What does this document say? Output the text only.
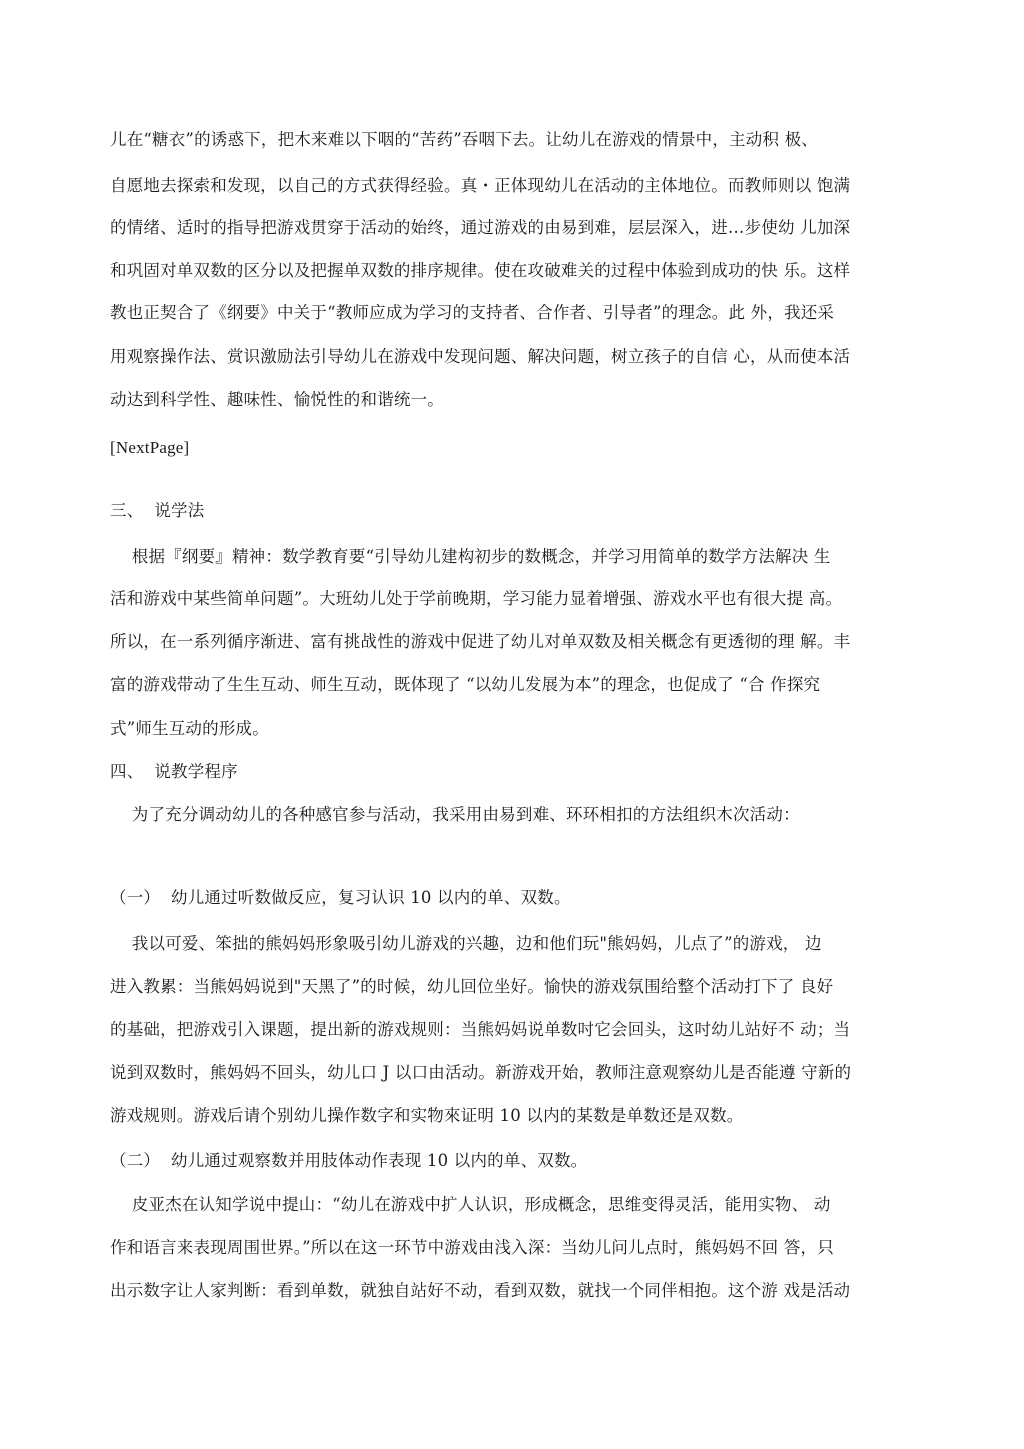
儿在“糖衣”的诱惑下，把木来难以下咽的“苦药”吞咽下去。让幼儿在游戏的情景中，主动积 极、
自愿地去探索和发现，以自己的方式获得经验。真・正体现幼儿在活动的主体地位。而教师则以 饱满
的情绪、适时的指导把游戏贯穿于活动的始终，通过游戏的由易到难，层层深入，进…步使幼 儿加深
和巩固对单双数的区分以及把握单双数的排序规律。使在攻破难关的过程中体验到成功的快 乐。这样
教也正契合了《纲要》中关于“教师应成为学习的支持者、合作者、引导者”的理念。此 外，我还采
用观察操作法、赏识激励法引导幼儿在游戏中发现问题、解决问题，树立孩子的自信 心，从而使本活
动达到科学性、趣味性、愉悦性的和谐统一。
[NextPage]
三、  说学法
根据『纲要』精神：数学教育要“引导幼儿建构初步的数概念，并学习用简单的数学方法解决 生
活和游戏中某些简单问题”。大班幼儿处于学前晚期，学习能力显着增强、游戏水平也有很大提 高。
所以，在一系列循序渐进、富有挑战性的游戏中促进了幼儿对单双数及相关概念有更透彻的理 解。丰
富的游戏带动了生生互动、师生互动，既体现了 “以幼儿发展为本”的理念，也促成了 “合 作探究
式”师生互动的形成。
四、  说教学程序
为了充分调动幼儿的各种感官参与活动，我采用由易到难、环环相扣的方法组织木次活动：
（一）  幼儿通过听数做反应，复习认识 10 以内的单、双数。
我以可爱、笨拙的熊妈妈形象吸引幼儿游戏的兴趣，边和他们玩"熊妈妈，儿点了”的游戏， 边
进入教累：当熊妈妈说到"天黑了”的时候，幼儿回位坐好。愉快的游戏氛围给整个活动打下了 良好
的基础，把游戏引入课题，提出新的游戏规则：当熊妈妈说单数吋它会回头，这吋幼儿站好不 动；当
说到双数时，熊妈妈不回头，幼儿口 J 以口由活动。新游戏开始，教师注意观察幼儿是否能遵 守新的
游戏规则。游戏后请个别幼儿操作数字和实物來证明 10 以内的某数是单数还是双数。
（二）  幼儿通过观察数并用肢体动作表现 10 以内的单、双数。
皮亚杰在认知学说中提山：“幼儿在游戏中扩人认识，形成概念，思维变得灵活，能用实物、 动
作和语言来表现周围世界。”所以在这一环节中游戏由浅入深：当幼儿问儿点时，熊妈妈不回 答，只
出示数字让人家判断：看到单数，就独自站好不动，看到双数，就找一个同伴相抱。这个游 戏是活动
